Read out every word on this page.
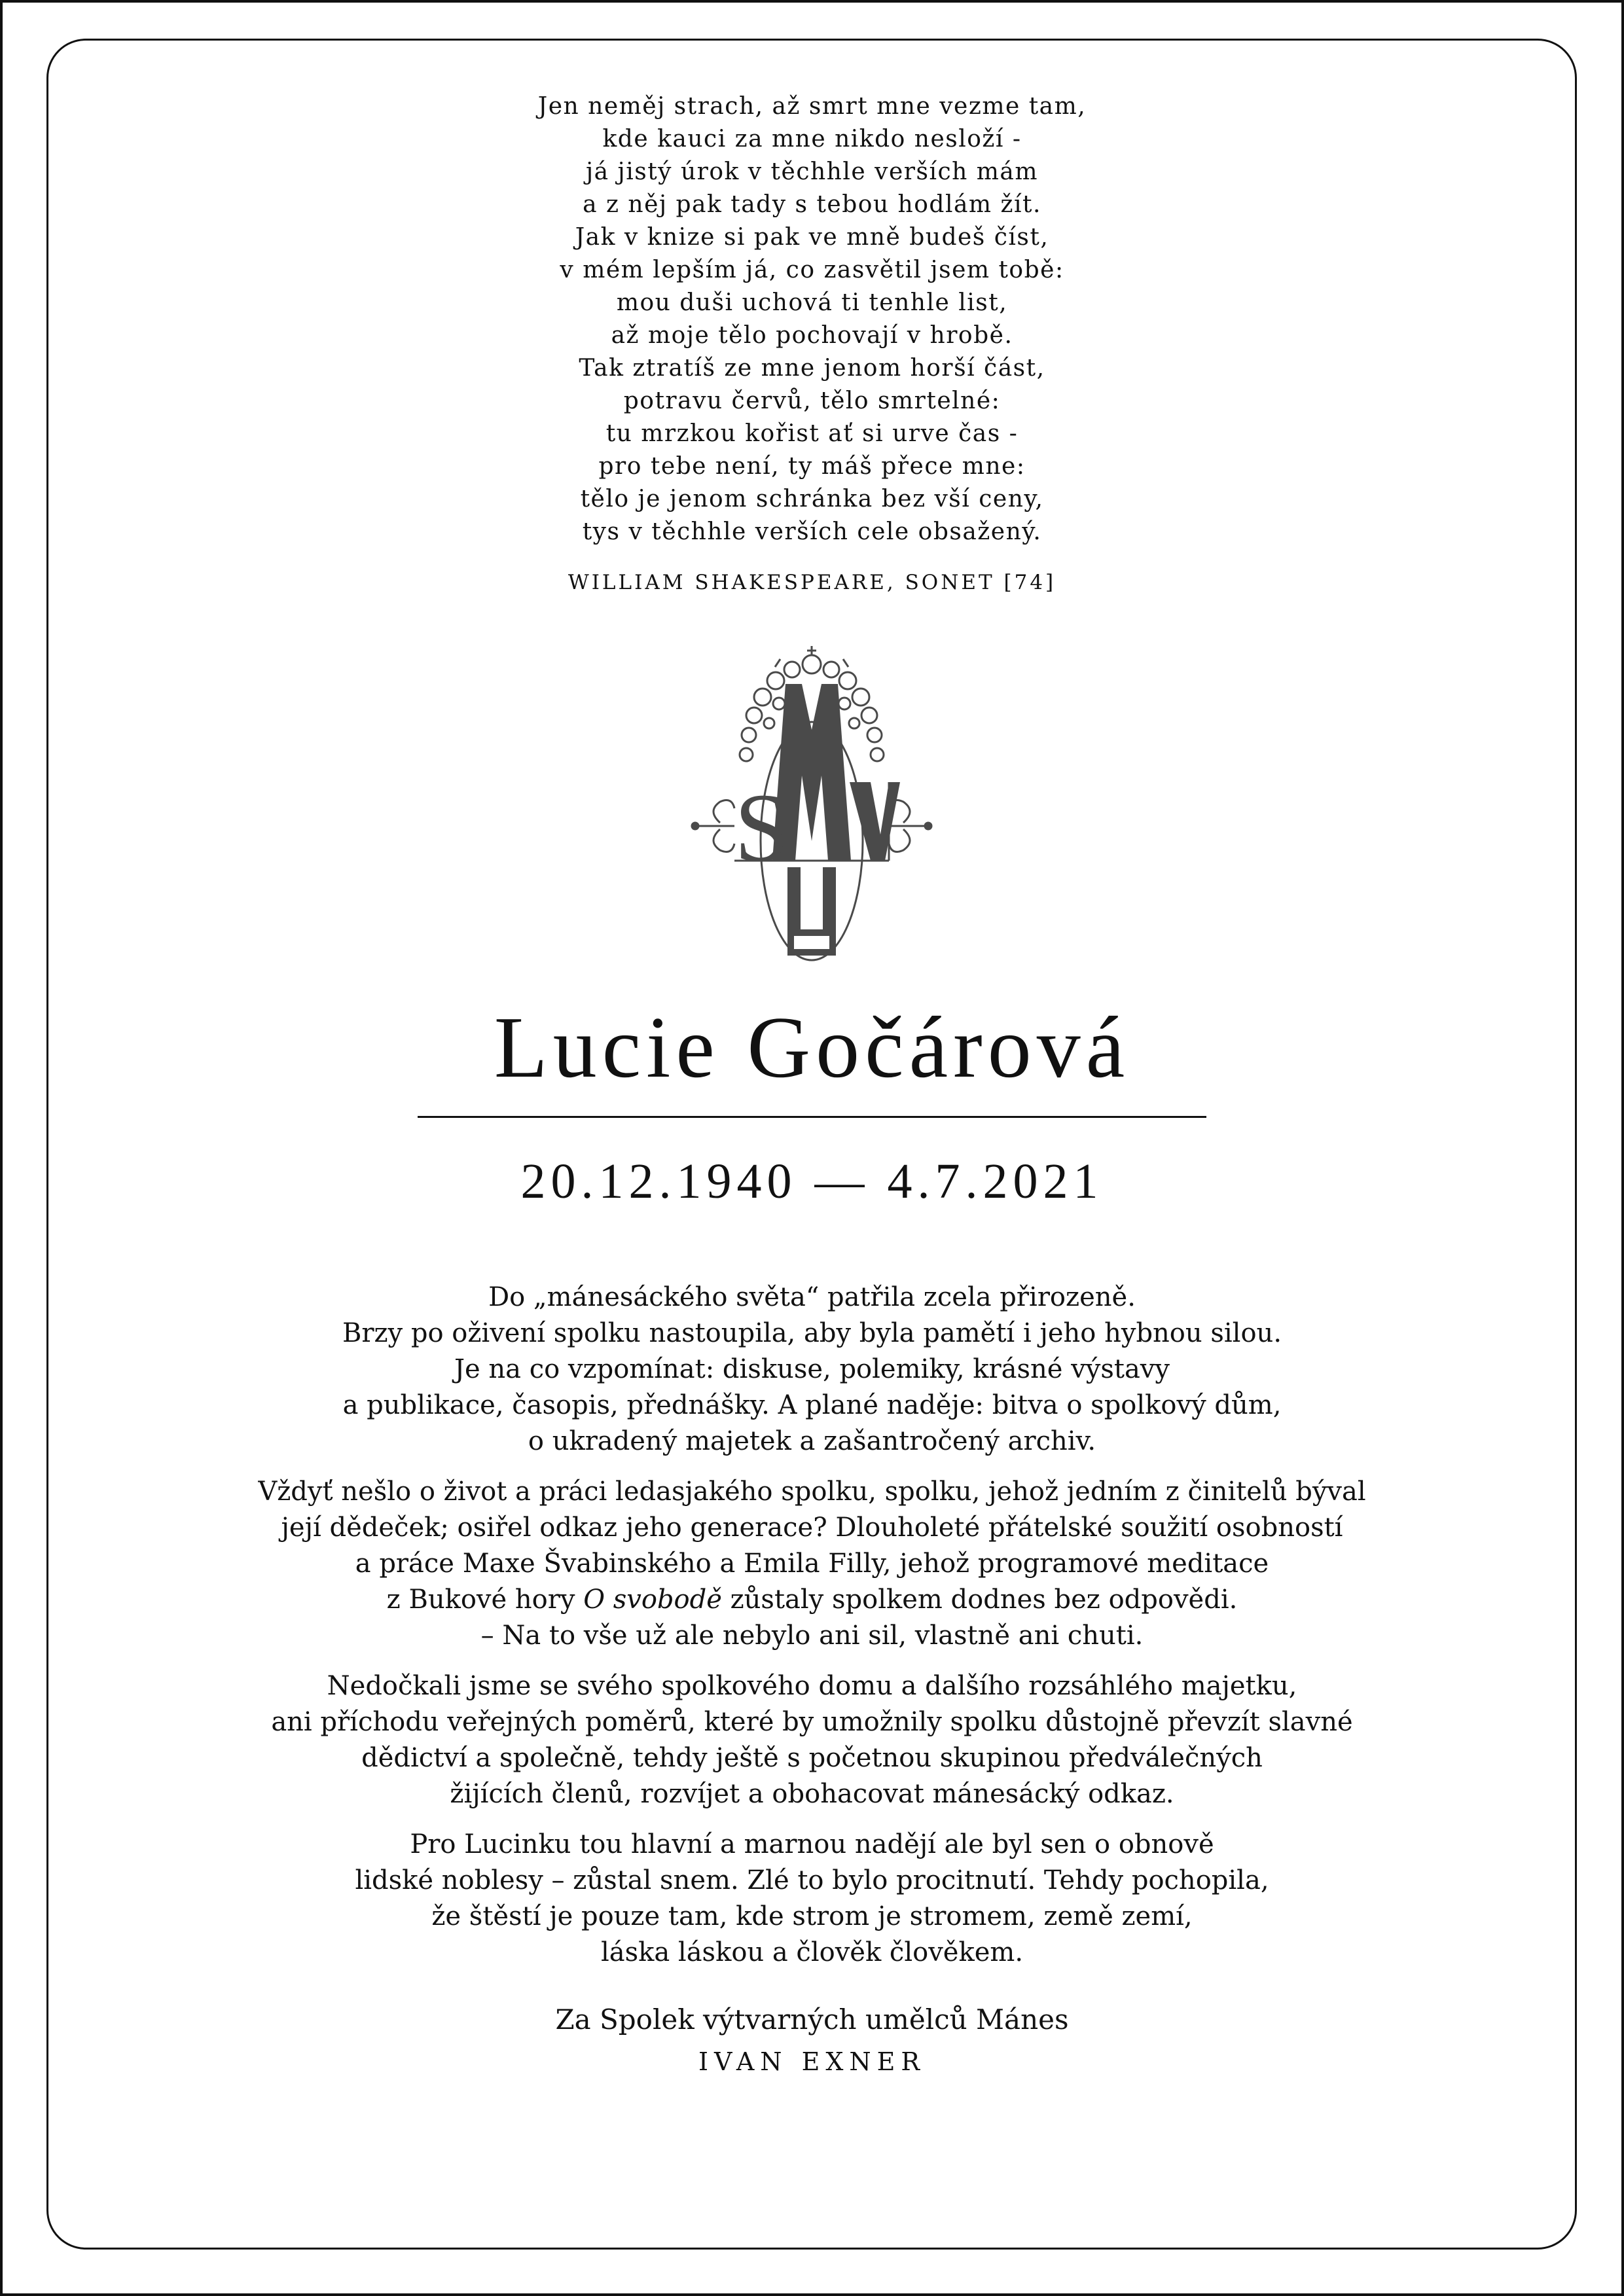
Jen neměj strach, až smrt mne vezme tam,
kde kauci za mne nikdo nesloží -
já jistý úrok v těchhle verších mám
a z něj pak tady s tebou hodlám žít.
Jak v knize si pak ve mně budeš číst,
v mém lepším já, co zasvětil jsem tobě:
mou duši uchová ti tenhle list,
až moje tělo pochovají v hrobě.
Tak ztratíš ze mne jenom horší část,
potravu červů, tělo smrtelné:
tu mrzkou kořist ať si urve čas -
pro tebe není, ty máš přece mne:
tělo je jenom schránka bez vší ceny,
tys v těchhle verších cele obsažený.
WILLIAM SHAKESPEARE, SONET [74]
S
Lucie Gočárová
20.12.1940 — 4.7.2021
Do „mánesáckého světa“ patřila zcela přirozeně.
Brzy po oživení spolku nastoupila, aby byla pamětí i jeho hybnou silou.
Je na co vzpomínat: diskuse, polemiky, krásné výstavy
a publikace, časopis, přednášky. A plané naděje: bitva o spolkový dům,
o ukradený majetek a zašantročený archiv.
Vždyť nešlo o život a práci ledasjakého spolku, spolku, jehož jedním z činitelů býval
její dědeček; osiřel odkaz jeho generace? Dlouholeté přátelské soužití osobností
a práce Maxe Švabinského a Emila Filly, jehož programové meditace
z Bukové hory O svobodě zůstaly spolkem dodnes bez odpovědi.
– Na to vše už ale nebylo ani sil, vlastně ani chuti.
Nedočkali jsme se svého spolkového domu a dalšího rozsáhlého majetku,
ani příchodu veřejných poměrů, které by umožnily spolku důstojně převzít slavné
dědictví a společně, tehdy ještě s početnou skupinou předválečných
žijících členů, rozvíjet a obohacovat mánesácký odkaz.
Pro Lucinku tou hlavní a marnou nadějí ale byl sen o obnově
lidské noblesy – zůstal snem. Zlé to bylo procitnutí. Tehdy pochopila,
že štěstí je pouze tam, kde strom je stromem, země zemí,
láska láskou a člověk člověkem.
Za Spolek výtvarných umělců Mánes
IVAN EXNER
